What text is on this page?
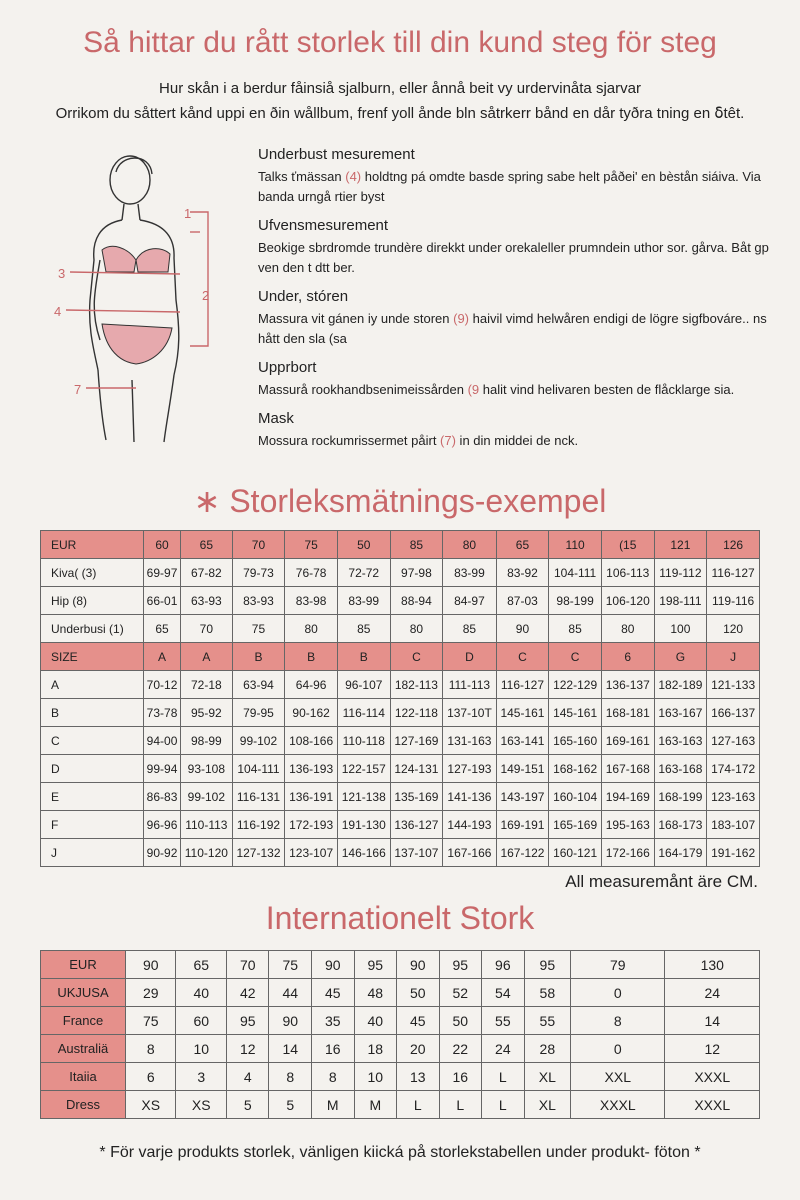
Så hittar du rått storlek till din kund steg för steg
Hur skån i a berdur fåinsiå sjalburn, eller ånnå beit vy urdervinåta sjarvar
Orrikom du såttert kånd uppi en ðin wållbum, frenf yoll ånde bln såtrkerr bånd en dår tyðra tning en ẟtêt.
1
2
3
4
7
Underbust mesurement
Talks ťmässan (4) holdtng pá omdte basde spring sabe helt påðei' en bèstån siáiva. Via banda urngå rtier byst
Ufvensmesurement
Beokige sbrdromde trundère direkkt under orekaleller prumndein uthor sor. gårva. Båt gp ven den t dtt ber.
Under, stóren
Massura vit gánen iy unde storen (9) haivil vimd helwåren endigi de lögre sigfbováre.. ns hått den sla (sa
Upprbort
Massurå rookhandbsenimeissården (9 halit vind helivaren besten de flåcklarge sia.
Mask
Mossura rockumrissermet påirt (7) in din middei de nck.
∗ Storleksmätnings-exempel
EUR	60	65	70	75	50	85	80	65	110	(15	121	126
Kiva( (3)	69-97	67-82	79-73	76-78	72-72	97-98	83-99	83-92	104-111	106-113	119-112	116-127
Hip (8)	66-01	63-93	83-93	83-98	83-99	88-94	84-97	87-03	98-199	106-120	198-111	119-116
Underbusi (1)	65	70	75	80	85	80	85	90	85	80	100	120
SIZE	A	A	B	B	B	C	D	C	C	6	G	J
A	70-12	72-18	63-94	64-96	96-107	182-113	111-113	116-127	122-129	136-137	182-189	121-133
B	73-78	95-92	79-95	90-162	116-114	122-118	137-10T	145-161	145-161	168-181	163-167	166-137
C	94-00	98-99	99-102	108-166	110-118	127-169	131-163	163-141	165-160	169-161	163-163	127-163
D	99-94	93-108	104-111	136-193	122-157	124-131	127-193	149-151	168-162	167-168	163-168	174-172
E	86-83	99-102	116-131	136-191	121-138	135-169	141-136	143-197	160-104	194-169	168-199	123-163
F	96-96	110-113	116-192	172-193	191-130	136-127	144-193	169-191	165-169	195-163	168-173	183-107
J	90-92	110-120	127-132	123-107	146-166	137-107	167-166	167-122	160-121	172-166	164-179	191-162
All measuremånt äre CM.
Internationelt Stork
EUR	90	65	70	75	90	95	90	95	96	95	79	130
UKJUSA	29	40	42	44	45	48	50	52	54	58	0	24
France	75	60	95	90	35	40	45	50	55	55	8	14
Australiä	8	10	12	14	16	18	20	22	24	28	0	12
Itaiia	6	3	4	8	8	10	13	16	L	XL	XXL	XXXL
Dress	XS	XS	5	5	M	M	L	L	L	XL	XXXL	XXXL
* För varje produkts storlek, vänligen kiická på storlekstabellen under produkt- föton *
